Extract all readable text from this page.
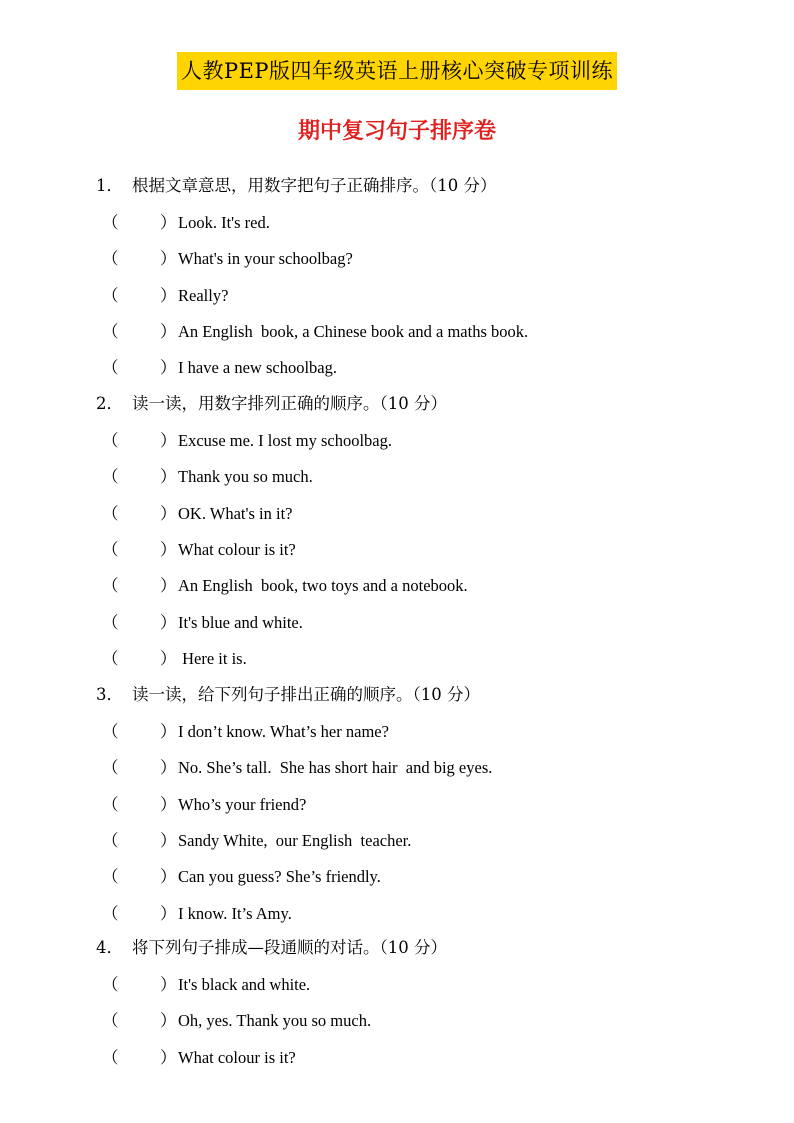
人教PEP版四年级英语上册核心突破专项训练
期中复习句子排序卷
1． 根据文章意思，用数字把句子正确排序。（10 分）
（	）Look. It's red.
（	）What's in your schoolbag?
（	）Really?
（	）An English  book, a Chinese book and a maths book.
（	）I have a new schoolbag.
2． 读一读，用数字排列正确的顺序。（10 分）
（	）Excuse me. I lost my schoolbag.
（	）Thank you so much.
（	）OK. What's in it?
（	）What colour is it?
（	）An English  book, two toys and a notebook.
（	）It's blue and white.
（	） Here it is.
3． 读一读，给下列句子排出正确的顺序。（10 分）
（	）I don’t know. What’s her name?
（	）No. She’s tall.  She has short hair  and big eyes.
（	）Who’s your friend?
（	）Sandy White,  our English  teacher.
（	）Can you guess? She’s friendly.
（	）I know. It’s Amy.
4． 将下列句子排成—段通顺的对话。（10 分）
（	）It's black and white.
（	）Oh, yes. Thank you so much.
（	）What colour is it?
